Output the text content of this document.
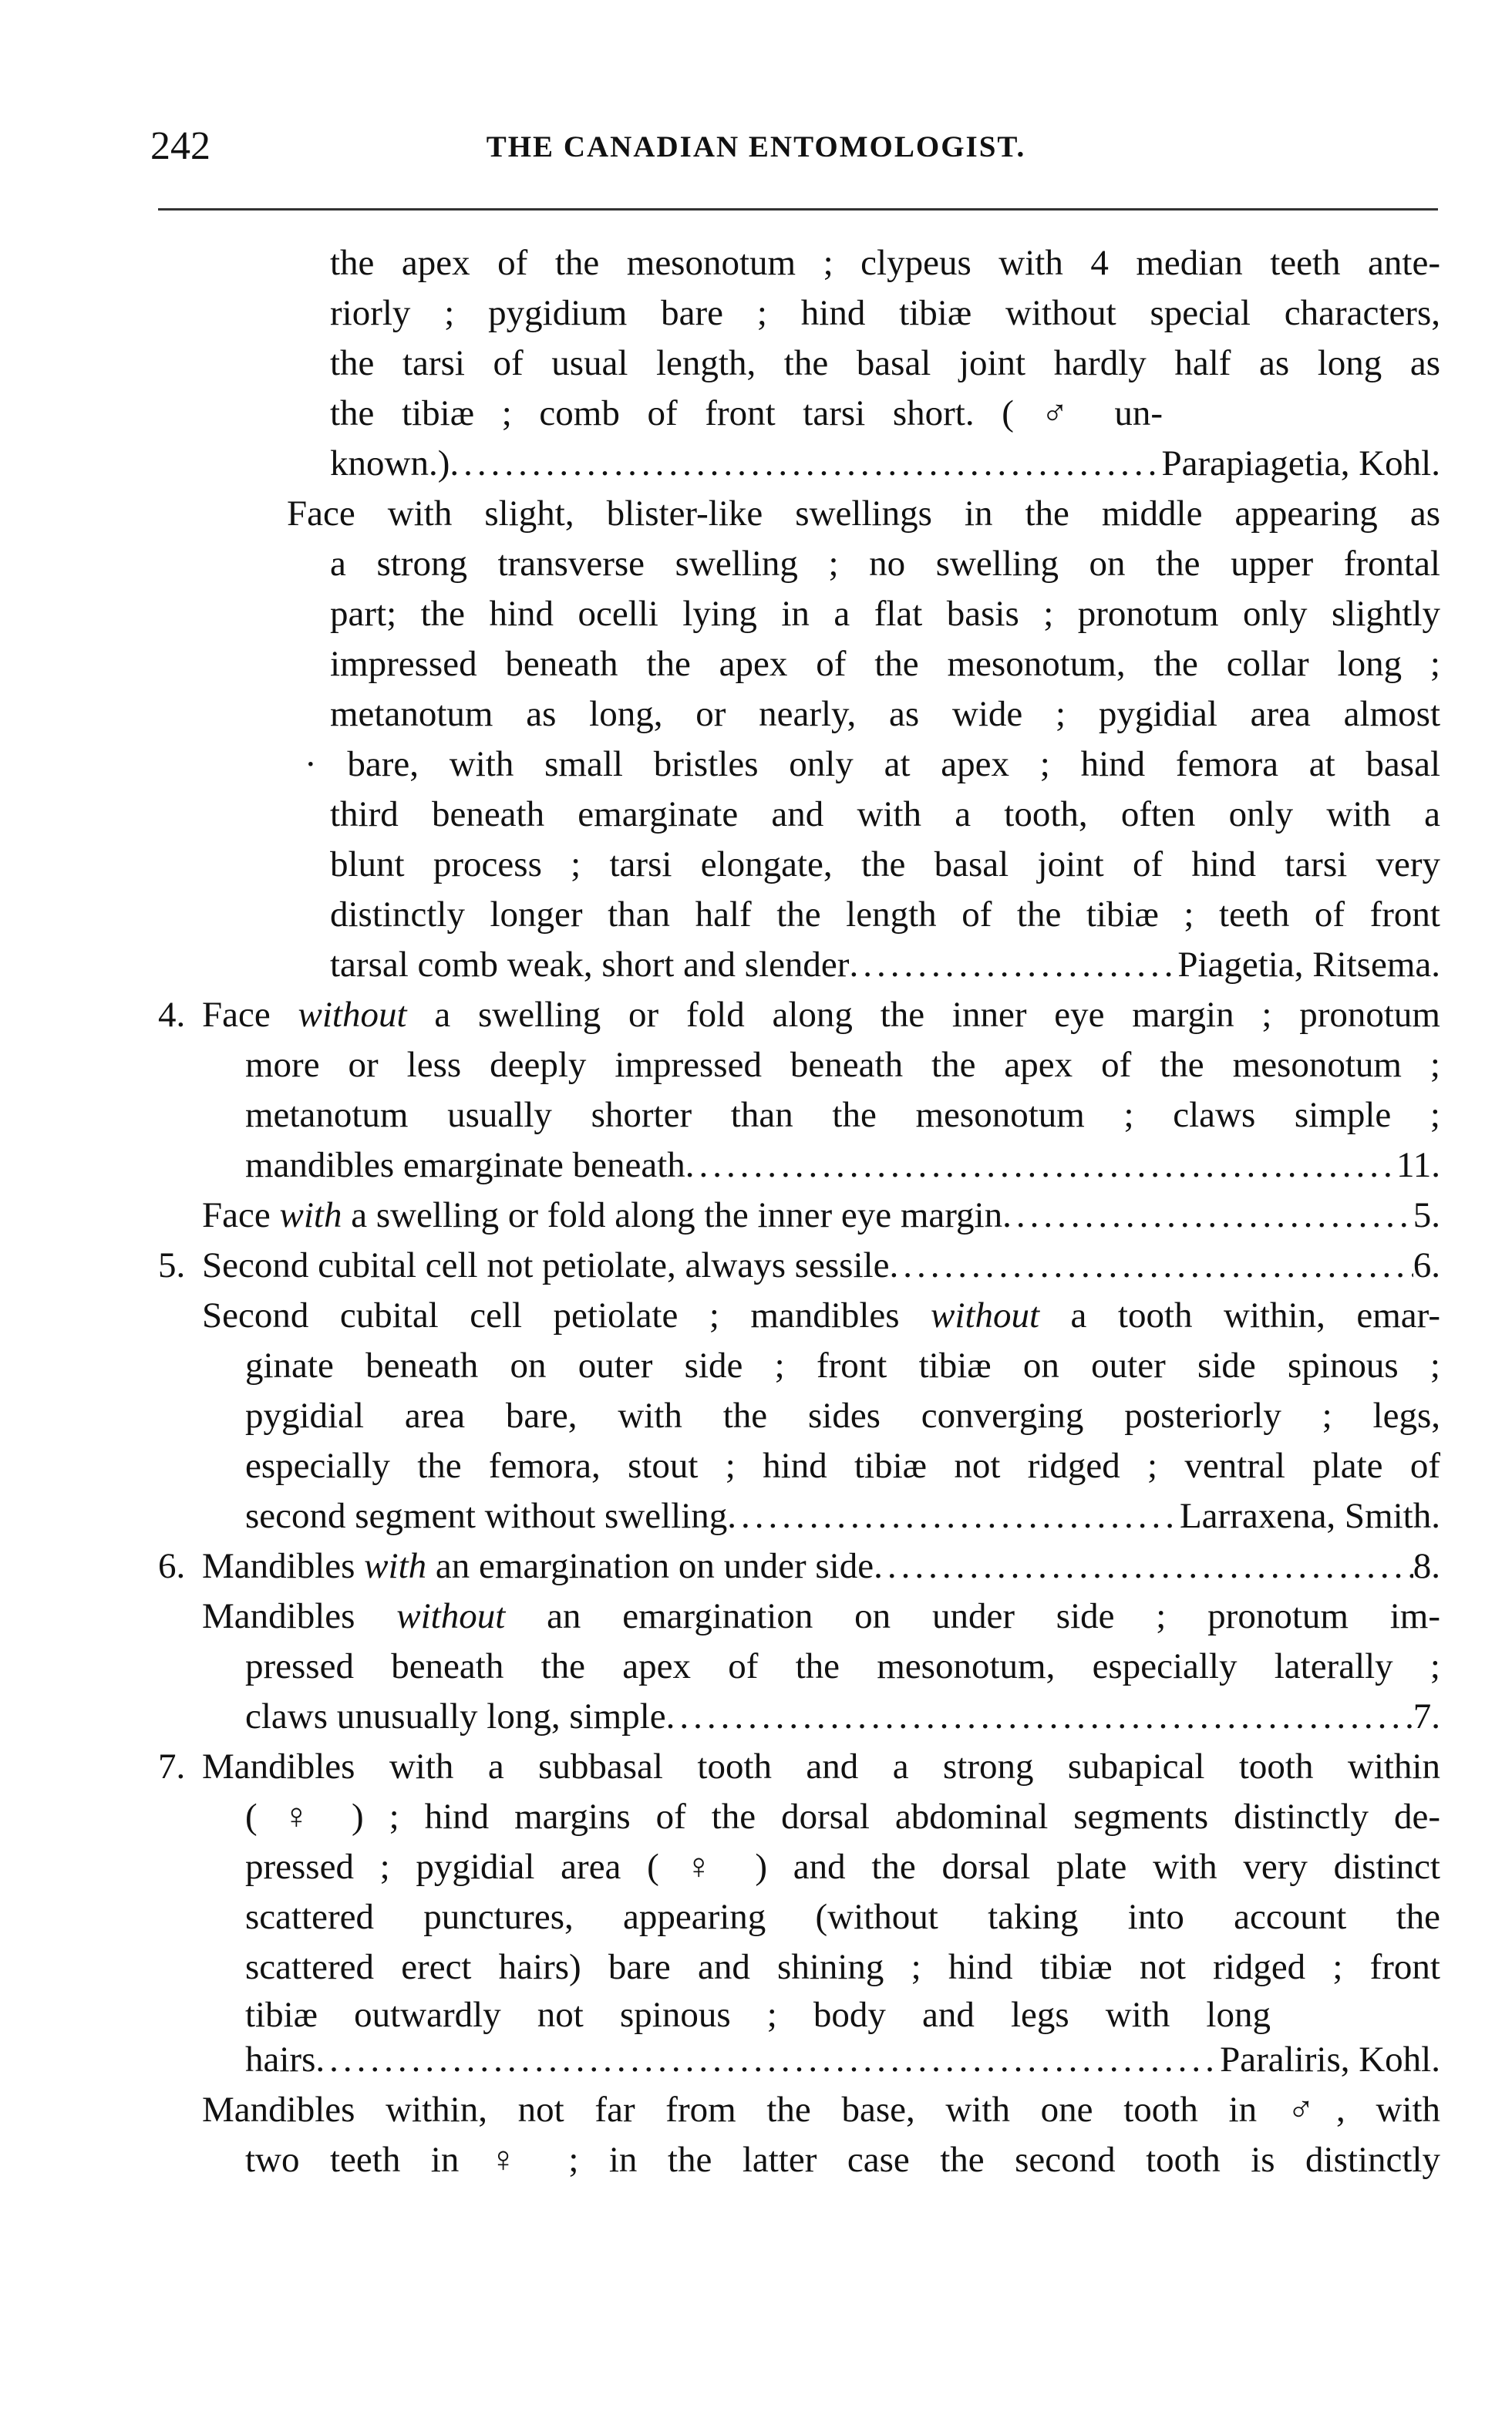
242	THE CANADIAN ENTOMOLOGIST.
the apex of the mesonotum ; clypeus with 4 median teeth ante-
riorly ; pygidium bare ; hind tibiæ without special characters,
the tarsi of usual length, the basal joint hardly half as long as
the tibiæ ; comb of front tarsi short. ( ♂ un-
known.) .....	Parapiagetia, Kohl.
Face with slight, blister-like swellings in the middle appearing as
a strong transverse swelling ; no swelling on the upper frontal
part; the hind ocelli lying in a flat basis ; pronotum only slightly
impressed beneath the apex of the mesonotum, the collar long ;
metanotum as long, or nearly, as wide ; pygidial area almost
· bare, with small bristles only at apex ; hind femora at basal
third beneath emarginate and with a tooth, often only with a
blunt process ; tarsi elongate, the basal joint of hind tarsi very
distinctly longer than half the length of the tibiæ ; teeth of front
tarsal comb weak, short and slender .....	Piagetia, Ritsema.
4. Face without a swelling or fold along the inner eye margin ; pronotum
more or less deeply impressed beneath the apex of the mesonotum ;
metanotum usually shorter than the mesonotum ; claws simple ;
mandibles emarginate beneath .....	11.
Face with a swelling or fold along the inner eye margin .....	5.
5. Second cubital cell not petiolate, always sessile .....	6.
Second cubital cell petiolate ; mandibles without a tooth within, emar-
ginate beneath on outer side ; front tibiæ on outer side spinous ;
pygidial area bare, with the sides converging posteriorly ; legs,
especially the femora, stout ; hind tibiæ not ridged ; ventral plate of
second segment without swelling .....	Larraxena, Smith.
6. Mandibles with an emargination on under side .....	8.
Mandibles without an emargination on under side ; pronotum im-
pressed beneath the apex of the mesonotum, especially laterally ;
claws unusually long, simple .....	7.
7. Mandibles with a subbasal tooth and a strong subapical tooth within
( ♀ ) ; hind margins of the dorsal abdominal segments distinctly de-
pressed ; pygidial area ( ♀ ) and the dorsal plate with very distinct
scattered punctures, appearing (without taking into account the
scattered erect hairs) bare and shining ; hind tibiæ not ridged ; front
tibiæ outwardly not spinous ; body and legs with long
hairs .....	Paraliris, Kohl.
Mandibles within, not far from the base, with one tooth in ♂, with
two teeth in ♀ ; in the latter case the second tooth is distinctly
